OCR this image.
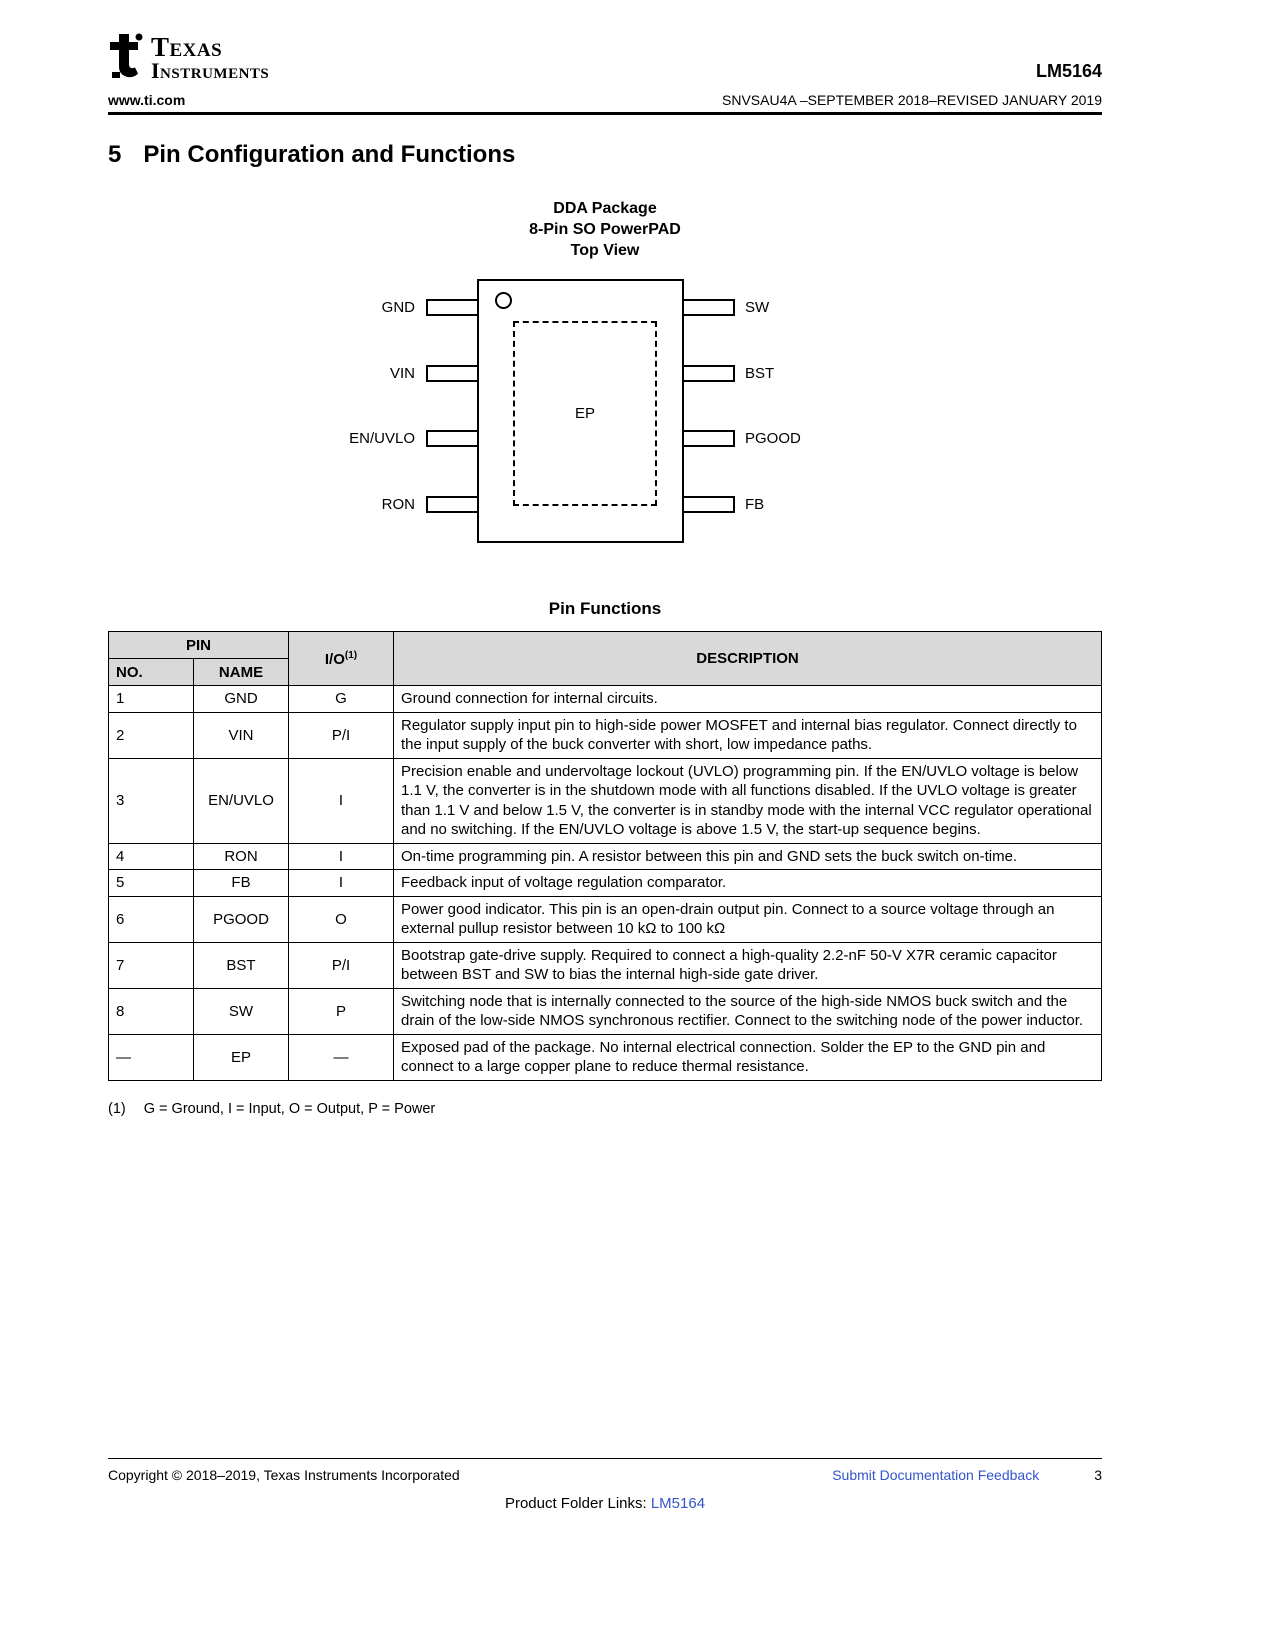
Texas
Instruments	LM5164
www.ti.com	SNVSAU4A –SEPTEMBER 2018–REVISED JANUARY 2019
5 Pin Configuration and Functions
DDA Package
8-Pin SO PowerPAD
Top View
EP
GND
VIN
EN/UVLO
RON
SW
BST
PGOOD
FB
Pin Functions
PIN		$I/O^{(1)}$	DESCRIPTION
NO.	NAME		
1	GND	G	Ground connection for internal circuits.
2	VIN	P/I	Regulator supply input pin to high-side power MOSFET and internal bias regulator. Connect directly to the input supply of the buck converter with short, low impedance paths.
3	EN/UVLO	I	Precision enable and undervoltage lockout (UVLO) programming pin. If the EN/UVLO voltage is below 1.1 V, the converter is in the shutdown mode with all functions disabled. If the UVLO voltage is greater than 1.1 V and below 1.5 V, the converter is in standby mode with the internal VCC regulator operational and no switching. If the EN/UVLO voltage is above 1.5 V, the start-up sequence begins.
4	RON	I	On-time programming pin. A resistor between this pin and GND sets the buck switch on-time.
5	FB	I	Feedback input of voltage regulation comparator.
6	PGOOD	O	Power good indicator. This pin is an open-drain output pin. Connect to a source voltage through an external pullup resistor between 10 kΩ to 100 kΩ
7	BST	P/I	Bootstrap gate-drive supply. Required to connect a high-quality 2.2-nF 50-V X7R ceramic capacitor between BST and SW to bias the internal high-side gate driver.
8	SW	P	Switching node that is internally connected to the source of the high-side NMOS buck switch and the drain of the low-side NMOS synchronous rectifier. Connect to the switching node of the power inductor.
—	EP	—	Exposed pad of the package. No internal electrical connection. Solder the EP to the GND pin and connect to a large copper plane to reduce thermal resistance.
(1) G = Ground, I = Input, O = Output, P = Power
Copyright © 2018–2019, Texas Instruments Incorporated	Submit Documentation Feedback	3
Product Folder Links: LM5164
